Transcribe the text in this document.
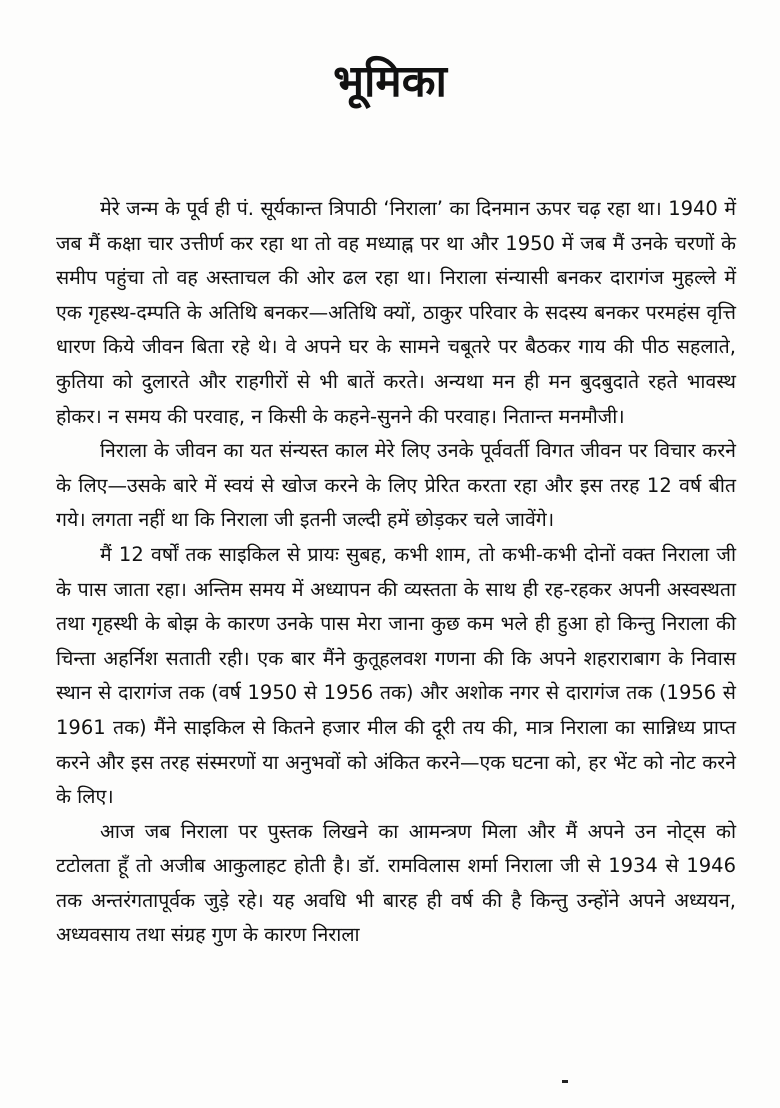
भूमिका

मेरे जन्म के पूर्व ही पं. सूर्यकान्त त्रिपाठी ‘निराला’ का दिनमान ऊपर चढ़ रहा था। 1940 में जब मैं कक्षा चार उत्तीर्ण कर रहा था तो वह मध्याह्न पर था और 1950 में जब मैं उनके चरणों के समीप पहुंचा तो वह अस्ताचल की ओर ढल रहा था। निराला संन्यासी बनकर दारागंज मुहल्ले में एक गृहस्थ-दम्पति के अतिथि बनकर—अतिथि क्यों, ठाकुर परिवार के सदस्य बनकर परमहंस वृत्ति धारण किये जीवन बिता रहे थे। वे अपने घर के सामने चबूतरे पर बैठकर गाय की पीठ सहलाते, कुतिया को दुलारते और राहगीरों से भी बातें करते। अन्यथा मन ही मन बुदबुदाते रहते भावस्थ होकर। न समय की परवाह, न किसी के कहने-सुनने की परवाह। नितान्त मनमौजी।

निराला के जीवन का यत संन्यस्त काल मेरे लिए उनके पूर्ववर्ती विगत जीवन पर विचार करने के लिए—उसके बारे में स्वयं से खोज करने के लिए प्रेरित करता रहा और इस तरह 12 वर्ष बीत गये। लगता नहीं था कि निराला जी इतनी जल्दी हमें छोड़कर चले जावेंगे।

मैं 12 वर्षों तक साइकिल से प्रायः सुबह, कभी शाम, तो कभी-कभी दोनों वक्त निराला जी के पास जाता रहा। अन्तिम समय में अध्यापन की व्यस्तता के साथ ही रह-रहकर अपनी अस्वस्थता तथा गृहस्थी के बोझ के कारण उनके पास मेरा जाना कुछ कम भले ही हुआ हो किन्तु निराला की चिन्ता अहर्निश सताती रही। एक बार मैंने कुतूहलवश गणना की कि अपने शहराराबाग के निवास स्थान से दारागंज तक (वर्ष 1950 से 1956 तक) और अशोक नगर से दारागंज तक (1956 से 1961 तक) मैंने साइकिल से कितने हजार मील की दूरी तय की, मात्र निराला का सान्निध्य प्राप्त करने और इस तरह संस्मरणों या अनुभवों को अंकित करने—एक घटना को, हर भेंट को नोट करने के लिए।

आज जब निराला पर पुस्तक लिखने का आमन्त्रण मिला और मैं अपने उन नोट्स को टटोलता हूँ तो अजीब आकुलाहट होती है। डॉ. रामविलास शर्मा निराला जी से 1934 से 1946 तक अन्तरंगतापूर्वक जुड़े रहे। यह अवधि भी बारह ही वर्ष की है किन्तु उन्होंने अपने अध्ययन, अध्यवसाय तथा संग्रह गुण के कारण निराला
